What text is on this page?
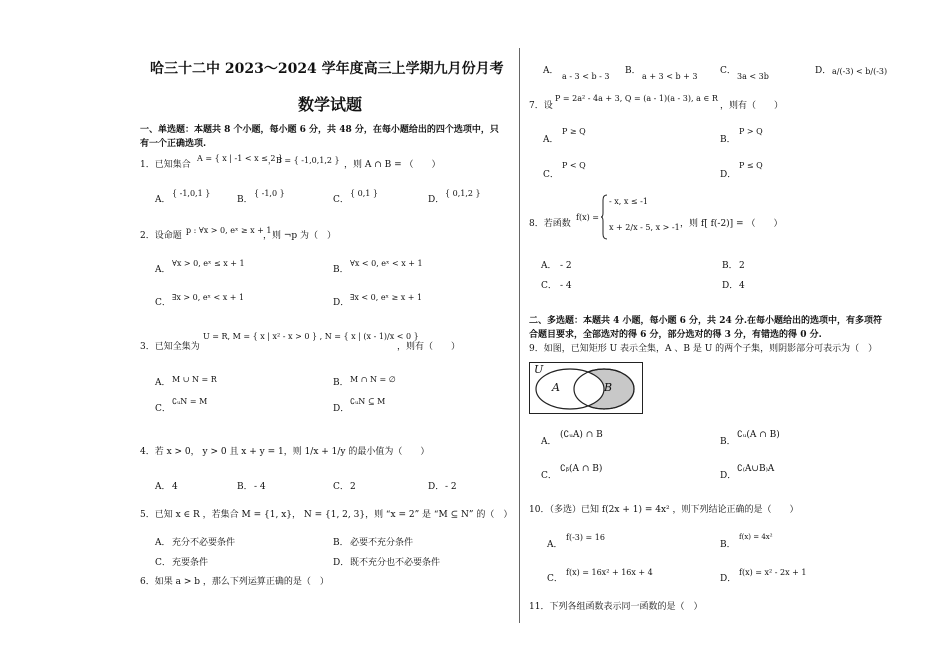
哈三十二中 2023～2024 学年度高三上学期九月份月考
数学试题
一、单选题：本题共 8 个小题，每小题 6 分，共 48 分，在每小题给出的四个选项中，只
有一个正确选项.
1．已知集合
A = { x | -1 < x ≤ 2 }
，B = { -1,0,1,2 } ，则 A ∩ B = （　　）
A．
{ -1,0,1 }
B．
{ -1,0 }
C．
{ 0,1 }
D．
{ 0,1,2 }
2．设命题
p : ∀x > 0, eˣ ≥ x + 1
，则 ¬p 为（　）
A．
∀x > 0, eˣ ≤ x + 1
B．
∀x < 0, eˣ < x + 1
C．
∃x > 0, eˣ < x + 1
D．
∃x < 0, eˣ ≥ x + 1
3．已知全集为
U = R, M = { x | x² - x > 0 } , N = { x | (x - 1)/x < 0 }
，则有（　　）
A． M ∪ N = R	B． M ∩ N = ∅
C．
∁ᵤN = M
D．
∁ᵤN ⊆ M
4．若 x > 0， y > 0 且 x + y = 1，则 1/x + 1/y 的最小值为（　　）
A． 4	B． - 4	C． 2	D． - 2
5．已知 x ∈ R ，若集合 M = {1, x}， N = {1, 2, 3}，则 “x = 2” 是 “M ⊆ N” 的（　）
A． 充分不必要条件	B． 必要不充分条件
C． 充要条件	D． 既不充分也不必要条件
6．如果 a > b ，那么下列运算正确的是（　）
A．
a - 3 < b - 3
B．
a + 3 < b + 3
C．
3a < 3b
D． a/(-3) < b/(-3)
7．设
P = 2a² - 4a + 3, Q = (a - 1)(a - 3), a ∈ R
，则有（　　）
A．
P ≥ Q
B．
P > Q
C．
P < Q
D．
P ≤ Q
8．若函数
f(x) =
- x, x ≤ -1
x + 2/x - 5, x > -1 ，则 f[ f(-2)] = （　　）
A． - 2	B． 2
C． - 4	D． 4
二、多选题：本题共 4 小题，每小题 6 分，共 24 分.在每小题给出的选项中，有多项符
合题目要求，全部选对的得 6 分，部分选对的得 3 分，有错选的得 0 分.
9．如图，已知矩形 U 表示全集，A 、B 是 U 的两个子集，则阴影部分可表示为（　）
U
A	B
A．
(∁ᵤA) ∩ B
B．
∁ᵤ(A ∩ B)
C．
∁ᵦ(A ∩ B)
D．
∁₍A∪B₎A
10．（多选）已知 f(2x + 1) = 4x² ，则下列结论正确的是（　　）
A．
f(-3) = 16
B．
f(x) = 4x²
C．
f(x) = 16x² + 16x + 4
D．
f(x) = x² - 2x + 1
11．下列各组函数表示同一函数的是（　）
